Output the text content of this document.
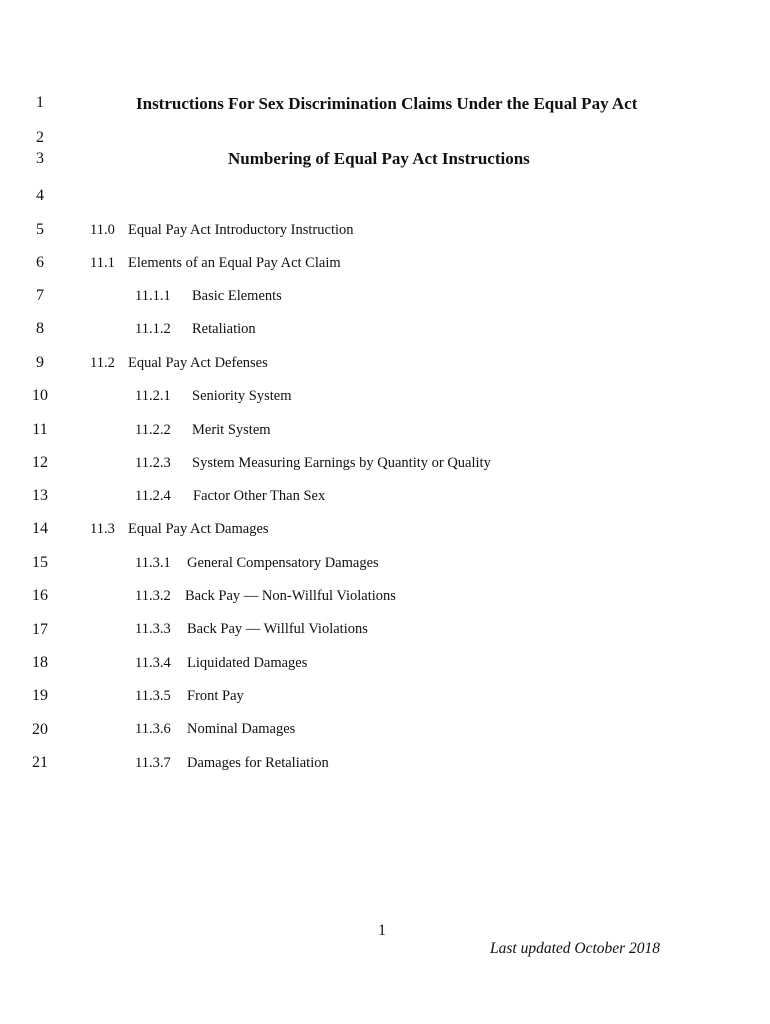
1
2
3
4
5
6
7
8
9
10
11
12
13
14
15
16
17
18
19
20
21
Instructions For Sex Discrimination Claims Under the Equal Pay Act
Numbering of Equal Pay Act Instructions
11.0 Equal Pay Act Introductory Instruction
11.1 Elements of an Equal Pay Act Claim
11.1.1 Basic Elements
11.1.2 Retaliation
11.2 Equal Pay Act Defenses
11.2.1 Seniority System
11.2.2 Merit System
11.2.3 System Measuring Earnings by Quantity or Quality
11.2.4 Factor Other Than Sex
11.3 Equal Pay Act Damages
11.3.1 General Compensatory Damages
11.3.2 Back Pay — Non-Willful Violations
11.3.3 Back Pay — Willful Violations
11.3.4 Liquidated Damages
11.3.5 Front Pay
11.3.6 Nominal Damages
11.3.7 Damages for Retaliation
1
Last updated October 2018
